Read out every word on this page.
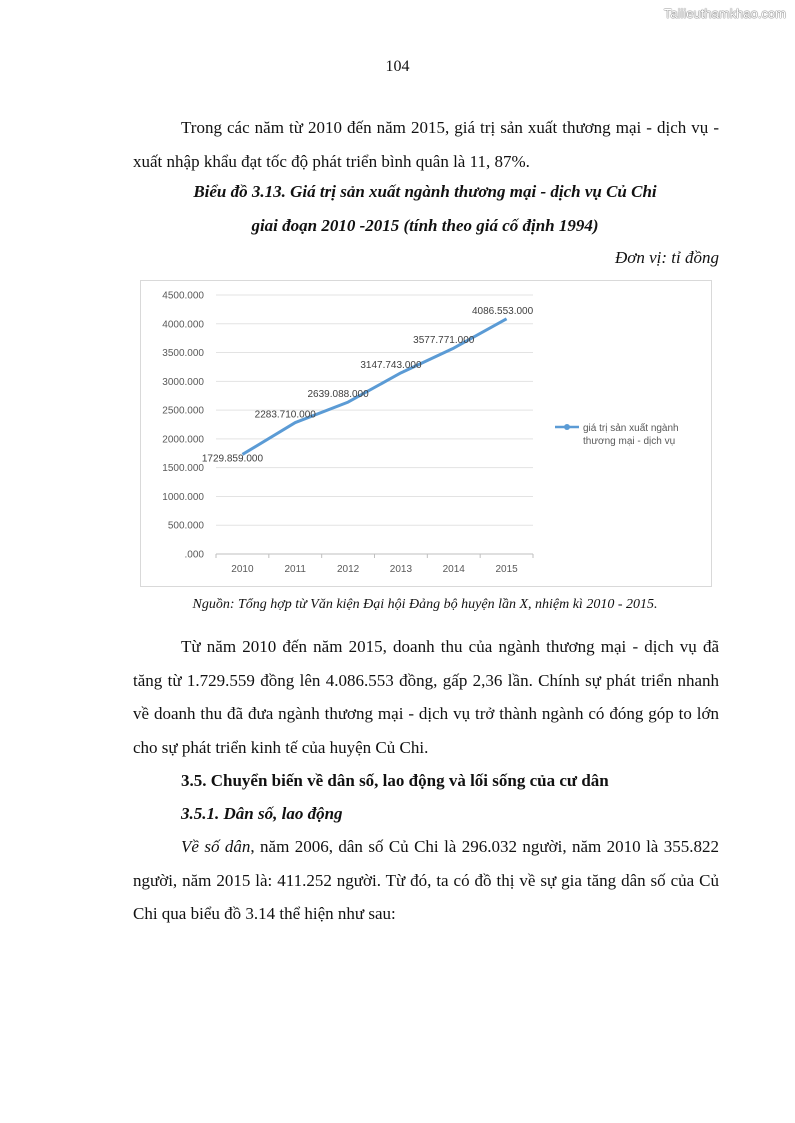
Tailieuthamkhao.com
104

Trong các năm từ 2010 đến năm 2015, giá trị sản xuất thương mại - dịch vụ - xuất nhập khẩu đạt tốc độ phát triển bình quân là 11, 87%.

Biểu đồ 3.13. Giá trị sản xuất ngành thương mại - dịch vụ Củ Chi
giai đoạn 2010 -2015 (tính theo giá cố định 1994)
Đơn vị: tỉ đồng
.000
500.000
1000.000
1500.000
2000.000
2500.000
3000.000
3500.000
4000.000
4500.000
2010	2011	2012	2013	2014	2015
1729.859.000
2283.710.000
2639.088.000
3147.743.000
3577.771.000
4086.553.000
giá trị sản xuất ngành
thương mại - dịch vụ
Nguồn: Tổng hợp từ Văn kiện Đại hội Đảng bộ huyện lần X, nhiệm kì 2010 - 2015.

Từ năm 2010 đến năm 2015, doanh thu của ngành thương mại - dịch vụ đã tăng từ 1.729.559 đồng lên 4.086.553 đồng, gấp 2,36 lần. Chính sự phát triển nhanh về doanh thu đã đưa ngành thương mại - dịch vụ trở thành ngành có đóng góp to lớn cho sự phát triển kinh tế của huyện Củ Chi.

3.5. Chuyển biến về dân số, lao động và lối sống của cư dân
3.5.1. Dân số, lao động

Về số dân, năm 2006, dân số Củ Chi là 296.032 người, năm 2010 là 355.822 người, năm 2015 là: 411.252 người. Từ đó, ta có đồ thị về sự gia tăng dân số của Củ Chi qua biểu đồ 3.14 thể hiện như sau:
